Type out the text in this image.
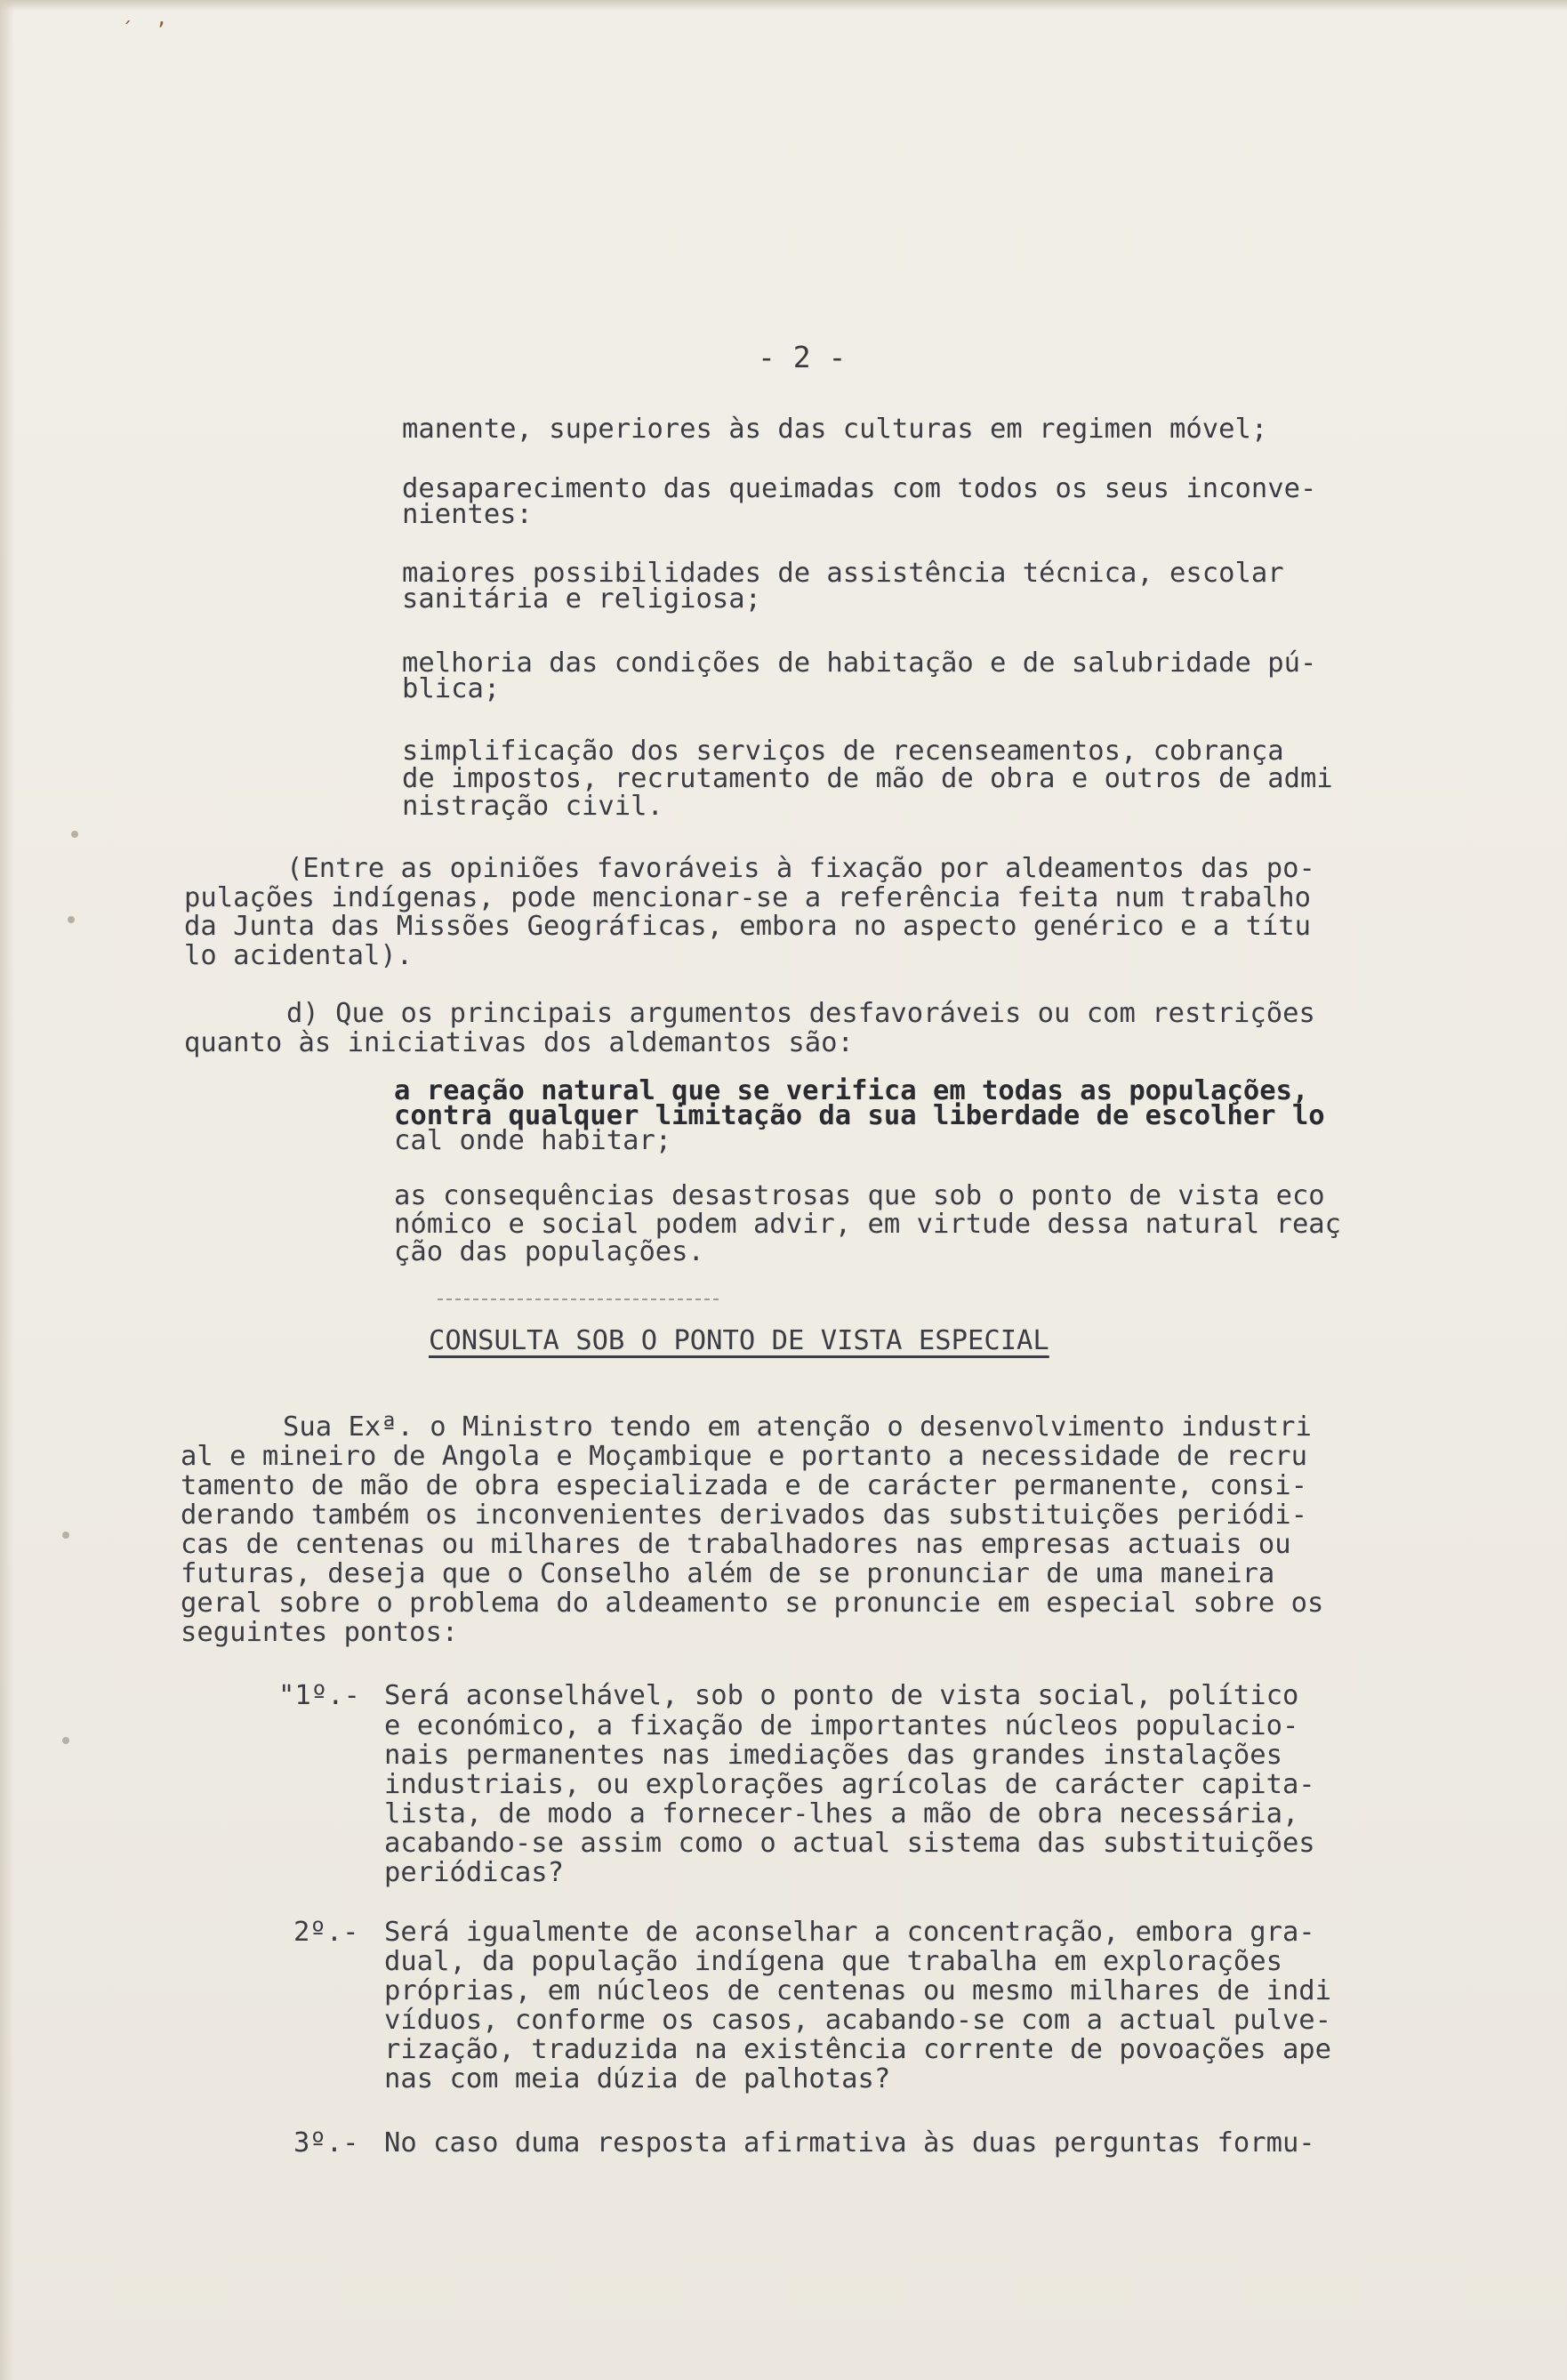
´ ʼ
- 2 -
manente, superiores às das culturas em regimen móvel;
desaparecimento das queimadas com todos os seus inconve-
nientes:
maiores possibilidades de assistência técnica, escolar
sanitária e religiosa;
melhoria das condições de habitação e de salubridade pú-
blica;
simplificação dos serviços de recenseamentos, cobrança
de impostos, recrutamento de mão de obra e outros de admi
nistração civil.
(Entre as opiniões favoráveis à fixação por aldeamentos das po-
pulações indígenas, pode mencionar-se a referência feita num trabalho
da Junta das Missões Geográficas, embora no aspecto genérico e a títu
lo acidental).
d) Que os principais argumentos desfavoráveis ou com restrições
quanto às iniciativas dos aldemantos são:
a reação natural que se verifica em todas as populações,
contra qualquer limitação da sua liberdade de escolher lo
cal onde habitar;
as consequências desastrosas que sob o ponto de vista eco
nómico e social podem advir, em virtude dessa natural reaç
ção das populações.
CONSULTA SOB O PONTO DE VISTA ESPECIAL
Sua Exª. o Ministro tendo em atenção o desenvolvimento industri
al e mineiro de Angola e Moçambique e portanto a necessidade de recru
tamento de mão de obra especializada e de carácter permanente, consi-
derando também os inconvenientes derivados das substituições periódi-
cas de centenas ou milhares de trabalhadores nas empresas actuais ou
futuras, deseja que o Conselho além de se pronunciar de uma maneira
geral sobre o problema do aldeamento se pronuncie em especial sobre os
seguintes pontos:
"1º.- Será aconselhável, sob o ponto de vista social, político
e económico, a fixação de importantes núcleos populacio-
nais permanentes nas imediações das grandes instalações
industriais, ou explorações agrícolas de carácter capita-
lista, de modo a fornecer-lhes a mão de obra necessária,
acabando-se assim como o actual sistema das substituições
periódicas?
2º.- Será igualmente de aconselhar a concentração, embora gra-
dual, da população indígena que trabalha em explorações
próprias, em núcleos de centenas ou mesmo milhares de indi
víduos, conforme os casos, acabando-se com a actual pulve-
rização, traduzida na existência corrente de povoações ape
nas com meia dúzia de palhotas?
3º.- No caso duma resposta afirmativa às duas perguntas formu-
